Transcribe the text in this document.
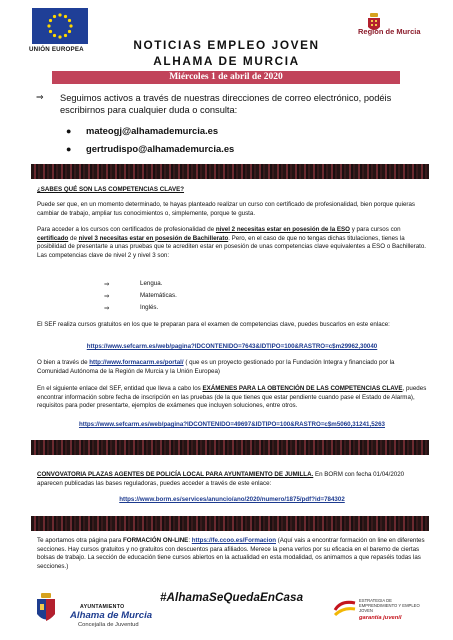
UNIÓN EUROPEA
Región de Murcia
NOTICIAS EMPLEO JOVEN
ALHAMA DE MURCIA
Miércoles 1 de abril de 2020
⇒ Seguimos activos a través de nuestras direcciones de correo electrónico, podéis escribirnos para cualquier duda o consulta:
● mateogj@alhamademurcia.es
● gertrudispo@alhamademurcia.es
¿SABES QUÉ SON LAS COMPETENCIAS CLAVE?
Puede ser que, en un momento determinado, te hayas planteado realizar un curso con certificado de profesionalidad, bien porque quieras cambiar de trabajo, ampliar tus conocimientos o, simplemente, porque te gusta.
Para acceder a los cursos con certificados de profesionalidad de nivel 2 necesitas estar en posesión de la ESO y para cursos con certificado de nivel 3 necesitas estar en posesión de Bachillerato. Pero, en el caso de que no tengas dichas titulaciones, tienes la posibilidad de presentarte a unas pruebas que te acrediten estar en posesión de unas competencias clave equivalentes a ESO o Bachillerato. Las competencias clave de nivel 2 y nivel 3 son:
⇒	Lengua.
⇒	Matemáticas.
⇒	Inglés.
El SEF realiza cursos gratuitos en los que te preparan para el examen de competencias clave, puedes buscarlos en este enlace:
https://www.sefcarm.es/web/pagina?IDCONTENIDO=7643&IDTIPO=100&RASTRO=c$m29962,30040
O bien a través de http://www.formacarm.es/portal/ ( que es un proyecto gestionado por la Fundación Integra y financiado por la Comunidad Autónoma de la Región de Murcia y la Unión Europea)
En el siguiente enlace del SEF, entidad que lleva a cabo los EXÁMENES PARA LA OBTENCIÓN DE LAS COMPETENCIAS CLAVE, puedes encontrar información sobre fecha de inscripción en las pruebas (de la que tienes que estar pendiente cuando pase el Estado de Alarma), requisitos para poder presentarte, ejemplos de exámenes que incluyen soluciones, entre otros.
https://www.sefcarm.es/web/pagina?IDCONTENIDO=49697&IDTIPO=100&RASTRO=c$m5060,31241,5263
CONVOVATORIA PLAZAS AGENTES DE POLICÍA LOCAL PARA AYUNTAMIENTO DE JUMILLA. En BORM con fecha 01/04/2020 aparecen publicadas las bases reguladoras, puedes acceder a través de este enlace:
https://www.borm.es/services/anuncio/ano/2020/numero/1875/pdf?id=784302
Te aportamos otra página para FORMACIÓN ON-LINE: https://fe.ccoo.es/Formacion (Aquí vais a encontrar formación on line en diferentes secciones. Hay cursos gratuitos y no gratuitos con descuentos para afiliados. Merece la pena verlos por su eficacia en el baremo de ciertas bolsas de trabajo. La sección de educación tiene cursos abiertos en la actualidad en esta modalidad, os animamos a que repaséis todas las secciones.)
AYUNTAMIENTO
Alhama de Murcia
Concejalía de Juventud
#AlhamaSeQuedaEnCasa	ESTRATEGIA DE EMPRENDIMIENTO Y EMPLEO JOVEN
garantía juvenil
